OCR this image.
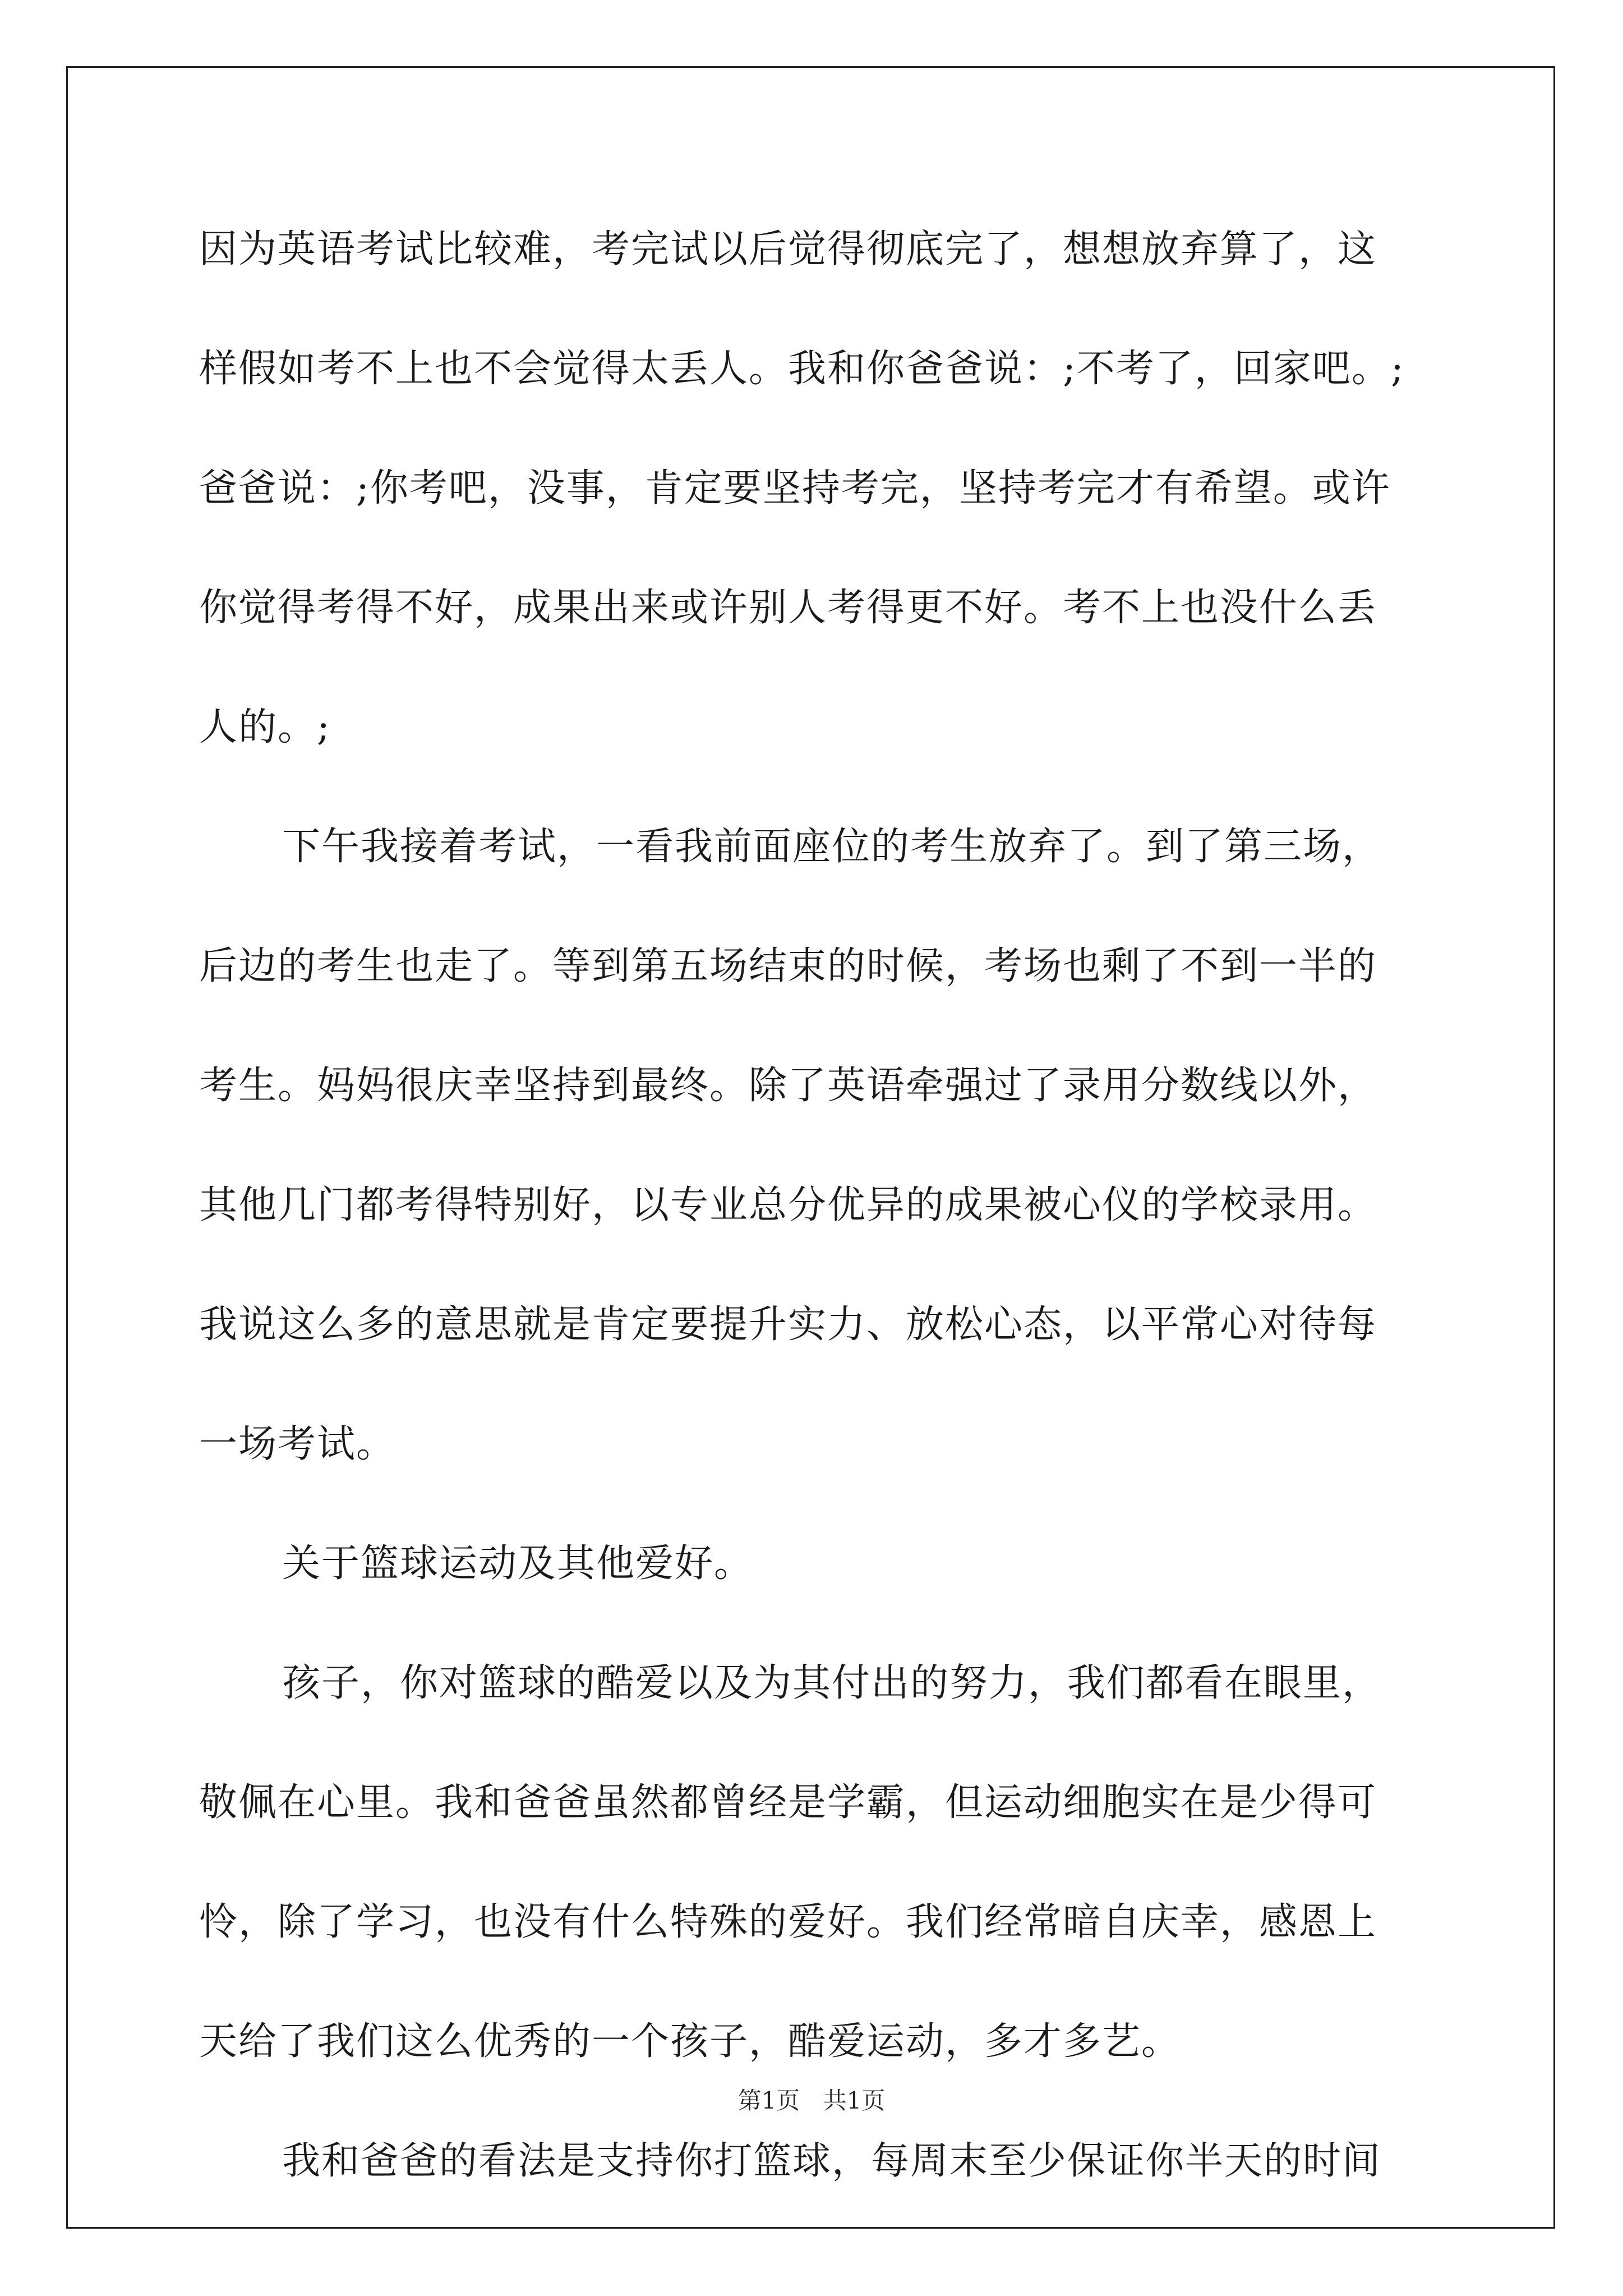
因为英语考试比较难，考完试以后觉得彻底完了，想想放弃算了，这
样假如考不上也不会觉得太丢人。我和你爸爸说：;不考了，回家吧。;
爸爸说：;你考吧，没事，肯定要坚持考完，坚持考完才有希望。或许
你觉得考得不好，成果出来或许别人考得更不好。考不上也没什么丢
人的。;
下午我接着考试，一看我前面座位的考生放弃了。到了第三场，
后边的考生也走了。等到第五场结束的时候，考场也剩了不到一半的
考生。妈妈很庆幸坚持到最终。除了英语牵强过了录用分数线以外，
其他几门都考得特别好，以专业总分优异的成果被心仪的学校录用。
我说这么多的意思就是肯定要提升实力、放松心态，以平常心对待每
一场考试。
关于篮球运动及其他爱好。
孩子，你对篮球的酷爱以及为其付出的努力，我们都看在眼里，
敬佩在心里。我和爸爸虽然都曾经是学霸，但运动细胞实在是少得可
怜，除了学习，也没有什么特殊的爱好。我们经常暗自庆幸，感恩上
天给了我们这么优秀的一个孩子，酷爱运动，多才多艺。
我和爸爸的看法是支持你打篮球，每周末至少保证你半天的时间
第1页 共1页
